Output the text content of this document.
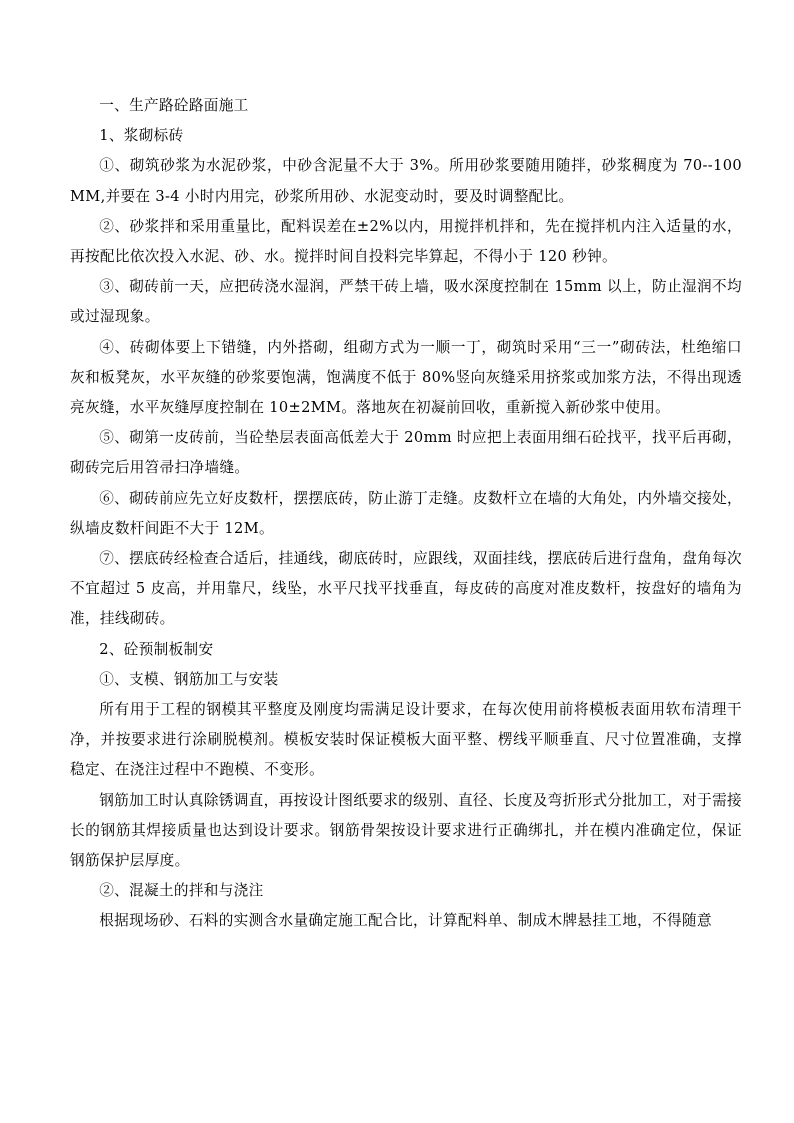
一、生产路砼路面施工

1、浆砌标砖

①、砌筑砂浆为水泥砂浆，中砂含泥量不大于 3%。所用砂浆要随用随拌，砂浆稠度为 70--100MM,并要在 3-4 小时内用完，砂浆所用砂、水泥变动时，要及时调整配比。

②、砂浆拌和采用重量比，配料误差在±2%以内，用搅拌机拌和，先在搅拌机内注入适量的水，再按配比依次投入水泥、砂、水。搅拌时间自投料完毕算起，不得小于 120 秒钟。

③、砌砖前一天，应把砖浇水湿润，严禁干砖上墙，吸水深度控制在 15mm 以上，防止湿润不均或过湿现象。

④、砖砌体要上下错缝，内外搭砌，组砌方式为一顺一丁，砌筑时采用“三一”砌砖法，杜绝缩口灰和板凳灰，水平灰缝的砂浆要饱满，饱满度不低于 80%竖向灰缝采用挤浆或加浆方法，不得出现透亮灰缝，水平灰缝厚度控制在 10±2MM。落地灰在初凝前回收，重新搅入新砂浆中使用。

⑤、砌第一皮砖前，当砼垫层表面高低差大于 20mm 时应把上表面用细石砼找平，找平后再砌，砌砖完后用笤帚扫净墙缝。

⑥、砌砖前应先立好皮数杆，摆摆底砖，防止游丁走缝。皮数杆立在墙的大角处，内外墙交接处，纵墙皮数杆间距不大于 12M。

⑦、摆底砖经检查合适后，挂通线，砌底砖时，应跟线，双面挂线，摆底砖后进行盘角，盘角每次不宜超过 5 皮高，并用靠尺，线坠，水平尺找平找垂直，每皮砖的高度对准皮数杆，按盘好的墙角为准，挂线砌砖。

2、砼预制板制安

①、支模、钢筋加工与安装

所有用于工程的钢模其平整度及刚度均需满足设计要求，在每次使用前将模板表面用软布清理干净，并按要求进行涂刷脱模剂。模板安装时保证模板大面平整、楞线平顺垂直、尺寸位置准确，支撑稳定、在浇注过程中不跑模、不变形。

钢筋加工时认真除锈调直，再按设计图纸要求的级别、直径、长度及弯折形式分批加工，对于需接长的钢筋其焊接质量也达到设计要求。钢筋骨架按设计要求进行正确绑扎，并在模内准确定位，保证钢筋保护层厚度。

②、混凝土的拌和与浇注

根据现场砂、石料的实测含水量确定施工配合比，计算配料单、制成木牌悬挂工地，不得随意
